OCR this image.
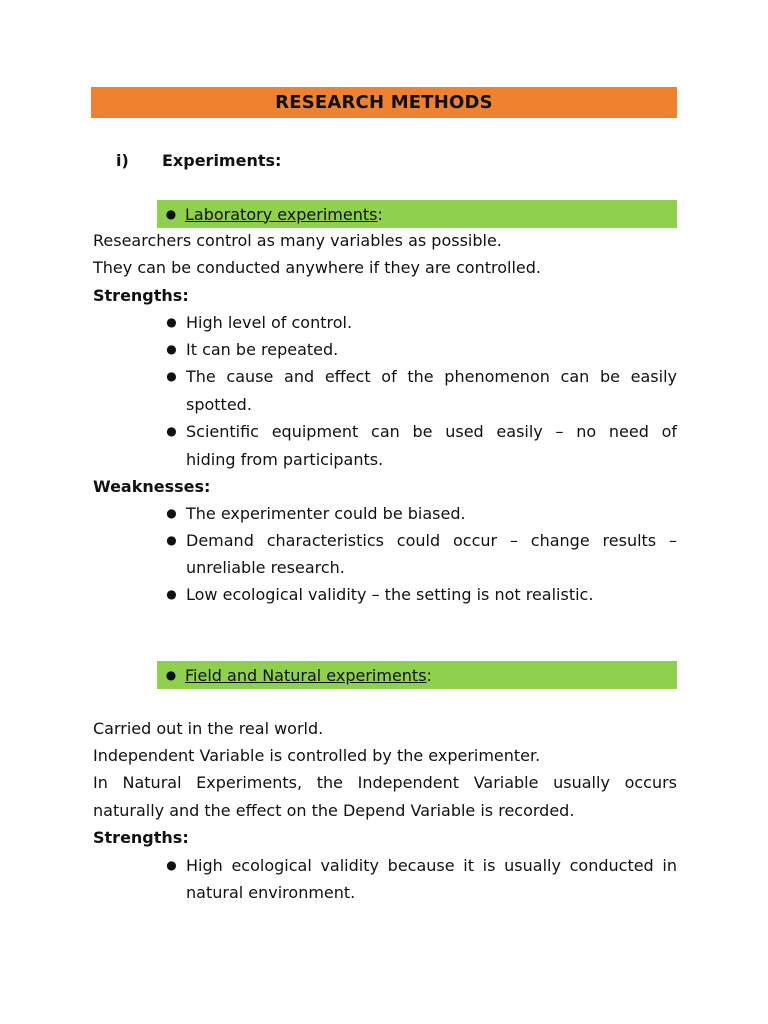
RESEARCH METHODS
i)	Experiments:
● Laboratory experiments :
Researchers control as many variables as possible.
They can be conducted anywhere if they are controlled.
Strengths:
● High level of control.
● It can be repeated.
● The cause and effect of the phenomenon can be easily
spotted.
● Scientific equipment can be used easily – no need of
hiding from participants.
Weaknesses:
● The experimenter could be biased.
● Demand characteristics could occur – change results –
unreliable research.
● Low ecological validity – the setting is not realistic.
● Field and Natural experiments :
Carried out in the real world.
Independent Variable is controlled by the experimenter.
In Natural Experiments, the Independent Variable usually occurs
naturally and the effect on the Depend Variable is recorded.
Strengths:
● High ecological validity because it is usually conducted in
natural environment.
